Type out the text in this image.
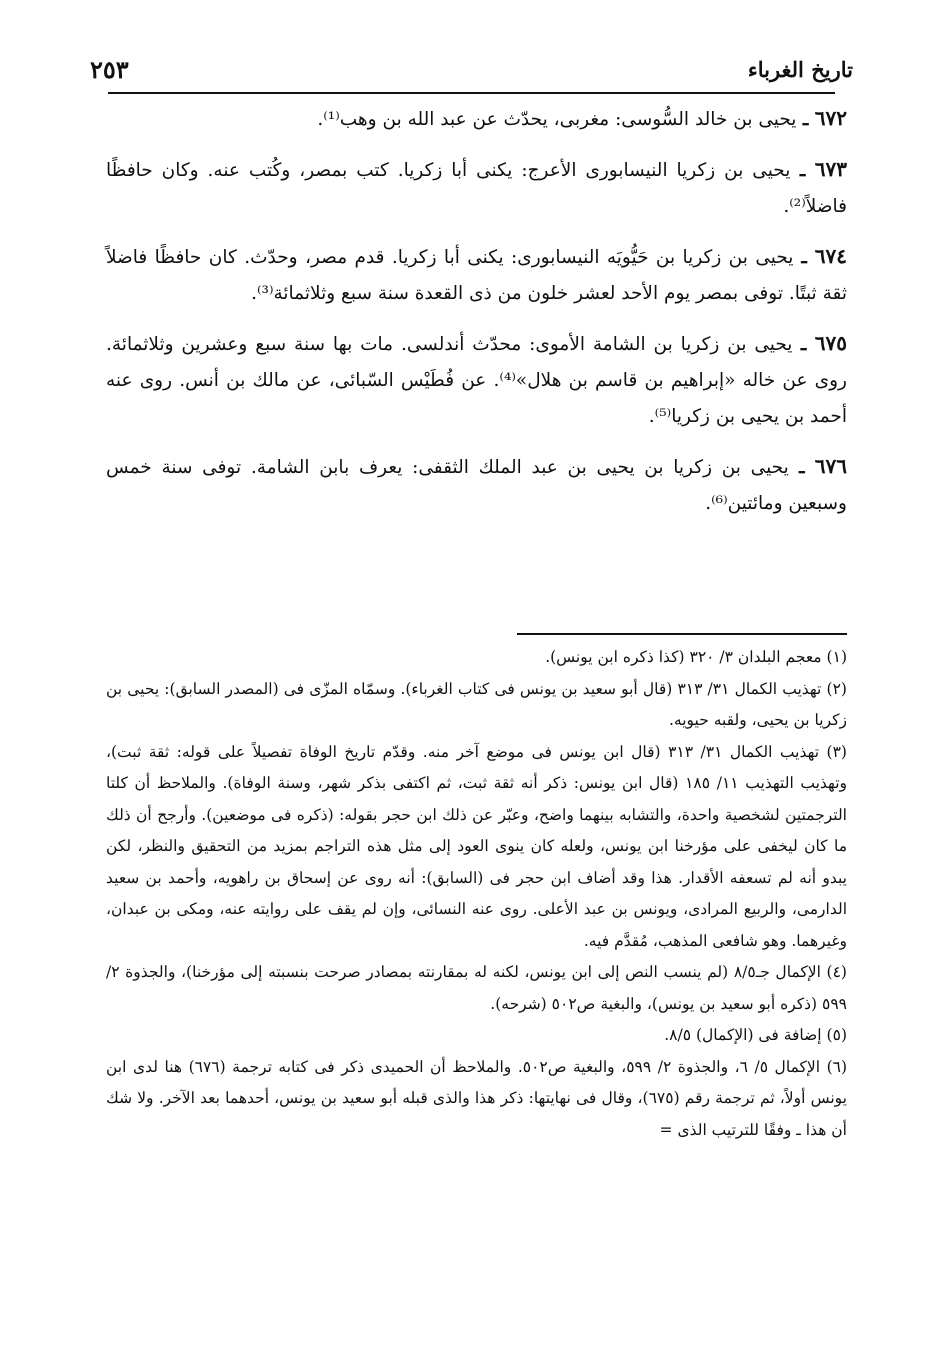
تاريخ الغرباء
٢٥٣

٦٧٢ ـ يحيى بن خالد السُّوسى: مغربى، يحدّث عن عبد الله بن وهب⁽¹⁾.

٦٧٣ ـ يحيى بن زكريا النيسابورى الأعرج: يكنى أبا زكريا. كتب بمصر، وكُتب عنه. وكان حافظًا فاضلاً⁽²⁾.

٦٧٤ ـ يحيى بن زكريا بن حَيُّويَه النيسابورى: يكنى أبا زكريا. قدم مصر، وحدّث. كان حافظًا فاضلاً ثقة ثبتًا. توفى بمصر يوم الأحد لعشر خلون من ذى القعدة سنة سبع وثلاثمائة⁽³⁾.

٦٧٥ ـ يحيى بن زكريا بن الشامة الأموى: محدّث أندلسى. مات بها سنة سبع وعشرين وثلاثمائة. روى عن خاله «إبراهيم بن قاسم بن هلال»⁽⁴⁾. عن فُطَيْس السّبائى، عن مالك بن أنس. روى عنه أحمد بن يحيى بن زكريا⁽⁵⁾.

٦٧٦ ـ يحيى بن زكريا بن يحيى بن عبد الملك الثقفى: يعرف بابن الشامة. توفى سنة خمس وسبعين ومائتين⁽⁶⁾.

(١) معجم البلدان ٣/ ٣٢٠ (كذا ذكره ابن يونس).

(٢) تهذيب الكمال ٣١/ ٣١٣ (قال أبو سعيد بن يونس فى كتاب الغرباء). وسمّاه المزّى فى (المصدر السابق): يحيى بن زكريا بن يحيى، ولقبه حيويه.

(٣) تهذيب الكمال ٣١/ ٣١٣ (قال ابن يونس فى موضع آخر منه. وقدّم تاريخ الوفاة تفصيلاً على قوله: ثقة ثبت)، وتهذيب التهذيب ١١/ ١٨٥ (قال ابن يونس: ذكر أنه ثقة ثبت، ثم اكتفى بذكر شهر، وسنة الوفاة). والملاحظ أن كلتا الترجمتين لشخصية واحدة، والتشابه بينهما واضح، وعبّر عن ذلك ابن حجر بقوله: (ذكره فى موضعين). وأرجح أن ذلك ما كان ليخفى على مؤرخنا ابن يونس، ولعله كان ينوى العود إلى مثل هذه التراجم بمزيد من التحقيق والنظر، لكن يبدو أنه لم تسعفه الأقدار. هذا وقد أضاف ابن حجر فى (السابق): أنه روى عن إسحاق بن راهويه، وأحمد بن سعيد الدارمى، والربيع المرادى، ويونس بن عبد الأعلى. روى عنه النسائى، وإن لم يقف على روايته عنه، ومكى بن عبدان، وغيرهما. وهو شافعى المذهب، مُقدَّم فيه.

(٤) الإكمال جـ٨/٥ (لم ينسب النص إلى ابن يونس، لكنه له بمقارنته بمصادر صرحت بنسبته إلى مؤرخنا)، والجذوة ٢/ ٥٩٩ (ذكره أبو سعيد بن يونس)، والبغية ص٥٠٢ (شرحه).

(٥) إضافة فى (الإكمال) ٨/٥.

(٦) الإكمال ٥/ ٦، والجذوة ٢/ ٥٩٩، والبغية ص٥٠٢. والملاحظ أن الحميدى ذكر فى كتابه ترجمة (٦٧٦) هنا لدى ابن يونس أولاً، ثم ترجمة رقم (٦٧٥)، وقال فى نهايتها: ذكر هذا والذى قبله أبو سعيد بن يونس، أحدهما بعد الآخر. ولا شك أن هذا ـ وفقًا للترتيب الذى =
